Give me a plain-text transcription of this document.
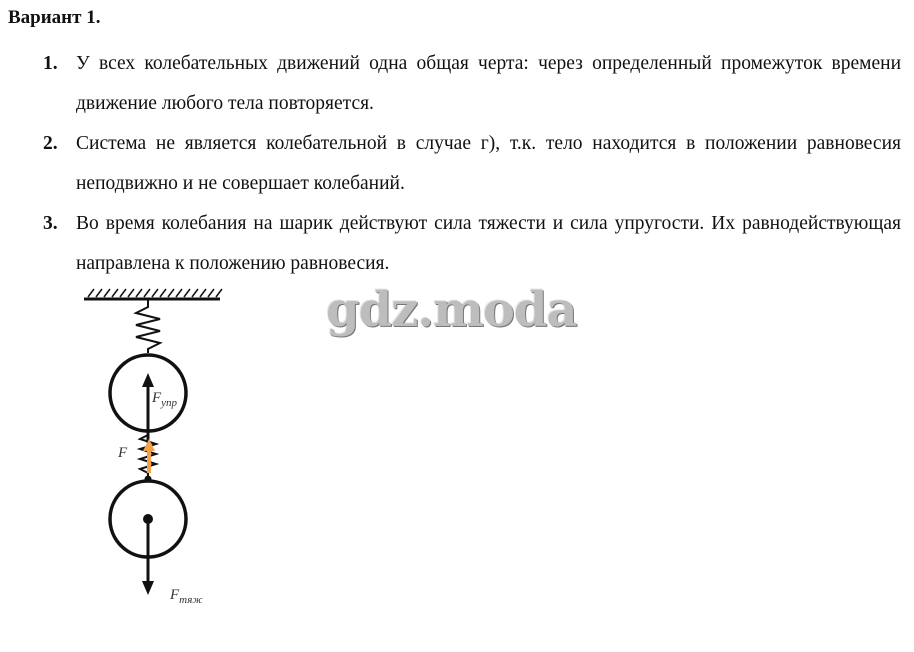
Вариант 1.
1. У всех колебательных движений одна общая черта: через определенный промежуток времени движение любого тела повторяется.
2. Система не является колебательной в случае г), т.к. тело находится в положении равновесия неподвижно и не совершает колебаний.
3. Во время колебания на шарик действуют сила тяжести и сила упругости. Их равнодействующая направлена к положению равновесия.
gdz.moda
$F_{упр}$
F
$F_{тяж}$
